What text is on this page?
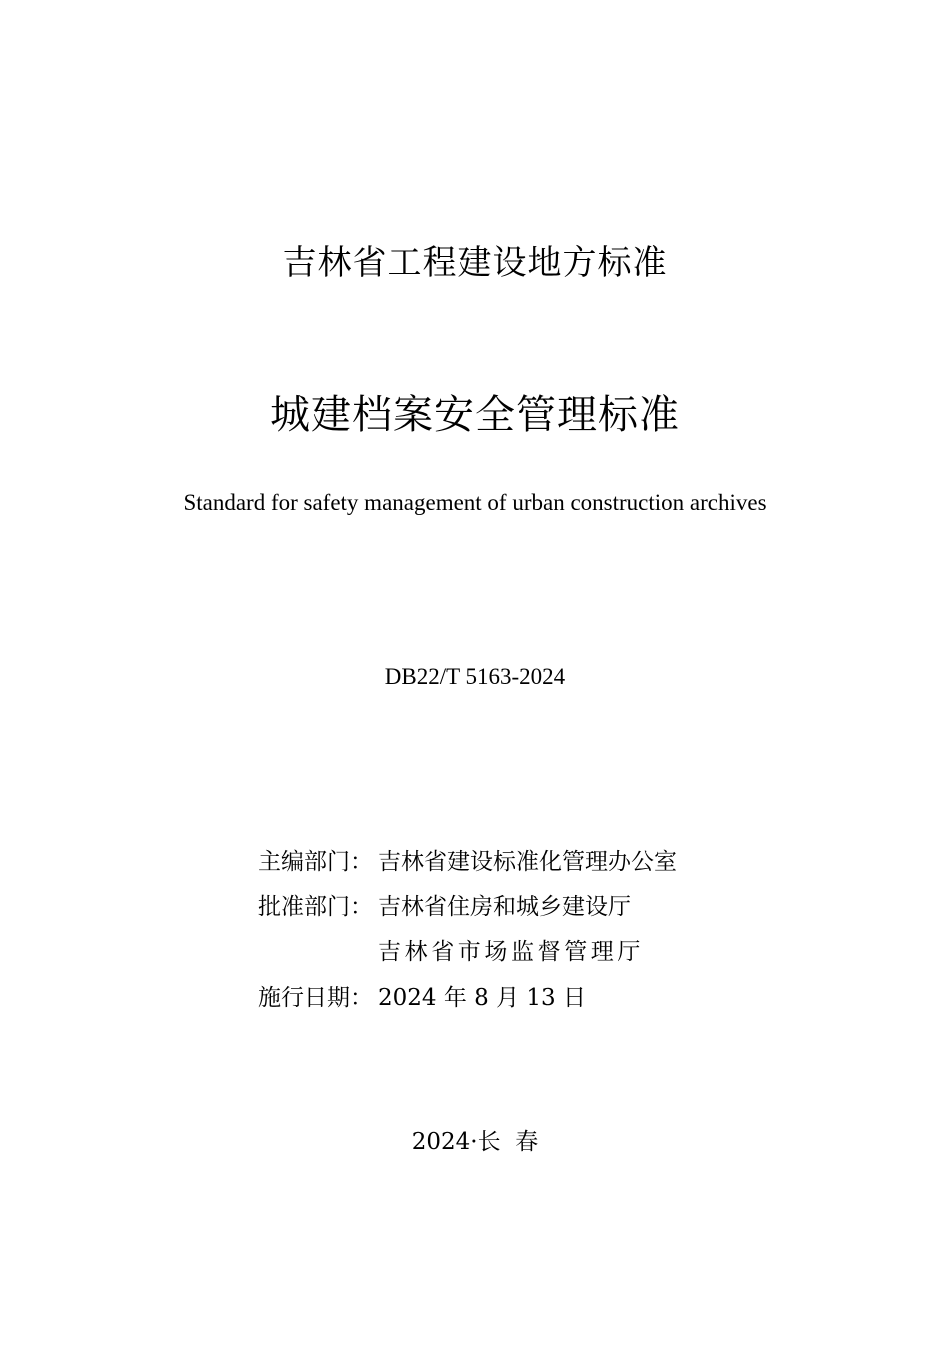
吉林省工程建设地方标准
城建档案安全管理标准
Standard for safety management of urban construction archives
DB22/T 5163-2024
主编部门： 吉林省建设标准化管理办公室
批准部门： 吉林省住房和城乡建设厅
吉林省市场监督管理厅
施行日期： 2024 年 8 月 13 日
2024·长  春
